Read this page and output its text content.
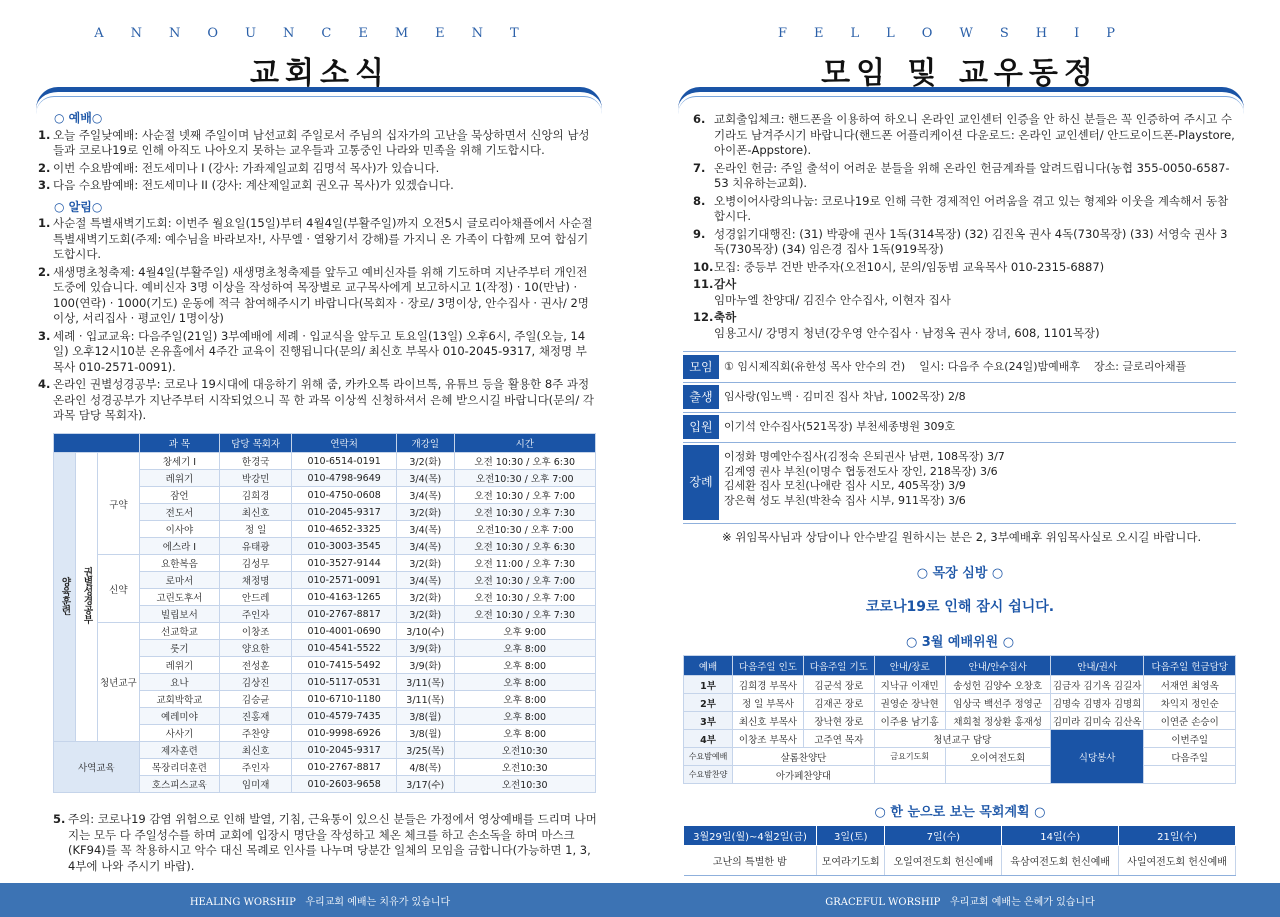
ANNOUNCEMENT
교회소식
○ 예배○
1. 오늘 주일낮예배: 사순절 넷째 주일이며 남선교회 주일로서 주님의 십자가의 고난을 묵상하면서 신앙의 남성들과 코로나19로 인해 아직도 나아오지 못하는 교우들과 고통중인 나라와 민족을 위해 기도합시다.
2. 이번 수요밤예배: 전도세미나 I (강사: 가좌제일교회 김명석 목사)가 있습니다.
3. 다음 수요밤예배: 전도세미나 II (강사: 계산제일교회 권오규 목사)가 있겠습니다.
○ 알림○
1. 사순절 특별새벽기도회: 이번주 월요일(15일)부터 4월4일(부활주일)까지 오전5시 글로리아채플에서 사순절 특별새벽기도회(주제: 예수님을 바라보자!, 사무엘 · 열왕기서 강해)를 가지니 온 가족이 다함께 모여 합심기도합시다.
2. 새생명초청축제: 4월4일(부활주일) 새생명초청축제를 앞두고 예비신자를 위해 기도하며 지난주부터 개인전도중에 있습니다. 예비신자 3명 이상을 작성하여 목장별로 교구목사에게 보고하시고 1(작정) · 10(만남) · 100(연락) · 1000(기도) 운동에 적극 참여해주시기 바랍니다(목회자 · 장로/ 3명이상, 안수집사 · 권사/ 2명이상, 서리집사 · 평교인/ 1명이상)
3. 세례 · 입교교육: 다음주일(21일) 3부예배에 세례 · 입교식을 앞두고 토요일(13일) 오후6시, 주일(오늘, 14일) 오후12시10분 온유홀에서 4주간 교육이 진행됩니다(문의/ 최신호 부목사 010-2045-9317, 채정명 부목사 010-2571-0091).
4. 온라인 권별성경공부: 코로나 19시대에 대응하기 위해 줌, 카카오톡 라이브톡, 유튜브 등을 활용한 8주 과정 온라인 성경공부가 지난주부터 시작되었으니 꼭 한 과목 이상씩 신청하셔서 은혜 받으시길 바랍니다(문의/ 각 과목 담당 목회자).
			과 목	담당 목회자	연락처	개강일	시간
양육훈련	권별성경공부	구약	창세기 I	한경국	010-6514-0191	3/2(화)	오전 10:30 / 오후 6:30
			레위기	박강민	010-4798-9649	3/4(목)	오전10:30 / 오후 7:00
			잠언	김희경	010-4750-0608	3/4(목)	오전 10:30 / 오후 7:00
			전도서	최신호	010-2045-9317	3/2(화)	오전 10:30 / 오후 7:30
			이사야	정 일	010-4652-3325	3/4(목)	오전10:30 / 오후 7:00
			에스라 I	유태광	010-3003-3545	3/4(목)	오전 10:30 / 오후 6:30
		신약	요한복음	김성무	010-3527-9144	3/2(화)	오전 11:00 / 오후 7:30
			로마서	채정명	010-2571-0091	3/4(목)	오전 10:30 / 오후 7:00
			고린도후서	안드레	010-4163-1265	3/2(화)	오전 10:30 / 오후 7:00
			빌립보서	주인자	010-2767-8817	3/2(화)	오전 10:30 / 오후 7:30
		청년교구	선교학교	이창조	010-4001-0690	3/10(수)	오후 9:00
			룻기	양요한	010-4541-5522	3/9(화)	오후 8:00
			레위기	전성훈	010-7415-5492	3/9(화)	오후 8:00
			요나	김상진	010-5117-0531	3/11(목)	오후 8:00
			교회박학교	김승균	010-6710-1180	3/11(목)	오후 8:00
			예레미야	진홍재	010-4579-7435	3/8(월)	오후 8:00
			사사기	주찬양	010-9998-6926	3/8(월)	오후 8:00
사역교육			제자훈련	최신호	010-2045-9317	3/25(목)	오전10:30
			목장리더훈련	주인자	010-2767-8817	4/8(목)	오전10:30
			호스피스교육	임미재	010-2603-9658	3/17(수)	오전10:30
5. 주의: 코로나19 감염 위험으로 인해 발열, 기침, 근육통이 있으신 분들은 가정에서 영상예배를 드리며 나머지는 모두 다 주일성수를 하며 교회에 입장시 명단을 작성하고 체온 체크를 하고 손소독을 하며 마스크(KF94)를 꼭 착용하시고 악수 대신 목례로 인사를 나누며 당분간 일체의 모임을 금합니다(가능하면 1, 3, 4부에 나와 주시기 바랍).
HEALING WORSHIP 우리교회 예배는 치유가 있습니다
FELLOWSHIP
모임 및 교우동정
GRACEFUL WORSHIP 우리교회 예배는 은혜가 있습니다
6. 교회출입체크: 핸드폰을 이용하여 하오니 온라인 교인센터 인증을 안 하신 분들은 꼭 인증하여 주시고 수기라도 남겨주시기 바랍니다(핸드폰 어플리케이션 다운로드: 온라인 교인센터/ 안드로이드폰-Playstore, 아이폰-Appstore).
7. 온라인 헌금: 주일 출석이 어려운 분들을 위해 온라인 헌금계좌를 알려드립니다(농협 355-0050-6587-53 치유하는교회).
8. 오병이어사랑의나눔: 코로나19로 인해 극한 경제적인 어려움을 겪고 있는 형제와 이웃을 계속해서 동참합시다.
9. 성경읽기대행진: (31) 박광애 권사 1독(314목장) (32) 김진옥 권사 4독(730목장) (33) 서영숙 권사 3독(730목장) (34) 임은경 집사 1독(919목장)
10. 모집: 중등부 건반 반주자(오전10시, 문의/임동범 교육목사 010-2315-6887)
11. 감사
임마누엘 찬양대/ 김진수 안수집사, 이현자 집사
12. 축하
임용고시/ 강명지 청년(강우영 안수집사 · 남정옥 권사 장녀, 608, 1101목장)
모임	① 임시제직회(유한성 목사 안수의 건) 일시: 다음주 수요(24일)밤예배후 장소: 글로리아채플
출생	임사랑(임노백 · 김미진 집사 차남, 1002목장) 2/8
입원	이기석 안수집사(521목장) 부천세종병원 309호
장례
이정화 명예안수집사(김정숙 은퇴권사 남편, 108목장) 3/7
김계영 권사 부친(이명수 협동전도사 장인, 218목장) 3/6
김세환 집사 모친(나애란 집사 시모, 405목장) 3/9
장은혁 성도 부친(박찬숙 집사 시부, 911목장) 3/6
※ 위임목사님과 상담이나 안수받길 원하시는 분은 2, 3부예배후 위임목사실로 오시길 바랍니다.
○ 목장 심방 ○
코로나19로 인해 잠시 쉽니다.
○ 3월 예배위원 ○
예배	다음주일 인도	다음주일 기도	안내/장로	안내/안수집사	안내/권사	다음주일 헌금담당
1부	김희경 부목사	김군석 장로	지낙규 이재민	송성헌 김양수 오창호	김금자 김기옥 김길자	서재연 최영옥
2부	정 일 부목사	김재곤 장로	권영순 장낙현	임상국 백선주 정영군	김명숙 김명자 김명희	차익지 정인순
3부	최신호 부목사	장낙현 장로	이주용 남기홍	채희철 정상환 홍재성	김미라 김미숙 김산옥	이연준 손승이
4부	이창조 부목사	고주연 목자	청년교구 담당		식당봉사	이번주일
수요밤예배	살롬찬양단		금요기도회	오이여전도회		다음주일
수요밤찬양	아가페찬양대					
○ 한 눈으로 보는 목회계획 ○
3월29일(월)~4월2일(금)	3일(토)	7일(수)	14일(수)	21일(수)
고난의 특별한 밤	모여라기도회	오일여전도회 헌신예배	육삼여전도회 헌신예배	사일여전도회 헌신예배
